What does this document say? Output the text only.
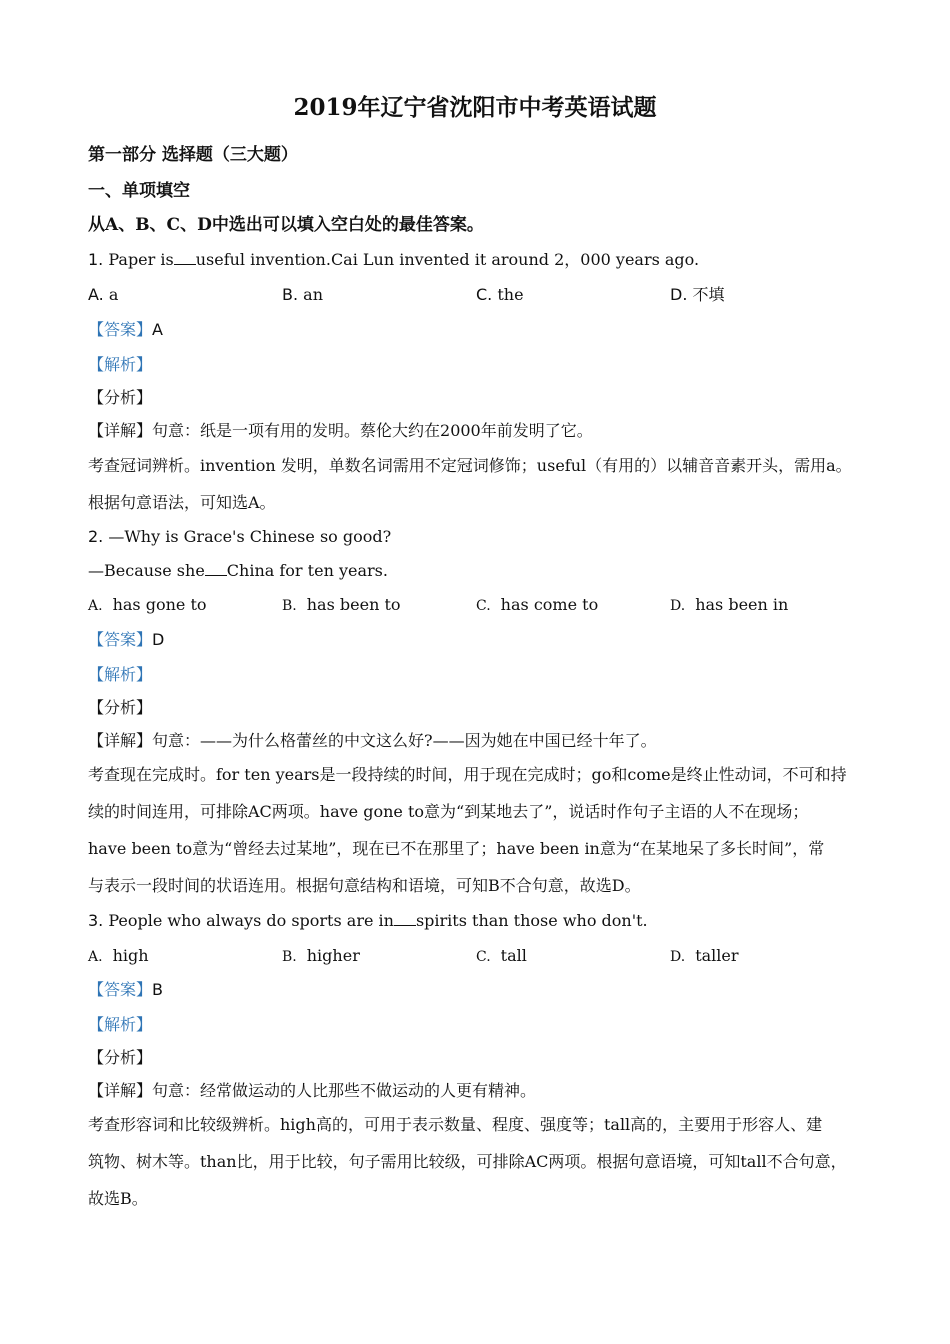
2019年辽宁省沈阳市中考英语试题
第一部分 选择题（三大题）
一、单项填空
从A、B、C、D中选出可以填入空白处的最佳答案。
1. Paper is useful invention.Cai Lun invented it around 2，000 years ago.
A. a	B. an	C. the	D. 不填
【答案】A
【解析】
【分析】
【详解】句意：纸是一项有用的发明。蔡伦大约在2000年前发明了它。
考查冠词辨析。invention 发明，单数名词需用不定冠词修饰；useful（有用的）以辅音音素开头，需用a。
根据句意语法，可知选A。
2. —Why is Grace's Chinese so good?
—Because she China for ten years.
A. has gone to	B. has been to	C. has come to	D. has been in
【答案】D
【解析】
【分析】
【详解】句意：——为什么格蕾丝的中文这么好?——因为她在中国已经十年了。
考查现在完成时。for ten years是一段持续的时间，用于现在完成时；go和come是终止性动词，不可和持
续的时间连用，可排除AC两项。have gone to意为“到某地去了”，说话时作句子主语的人不在现场；
have been to意为“曾经去过某地”，现在已不在那里了；have been in意为“在某地呆了多长时间”，常
与表示一段时间的状语连用。根据句意结构和语境，可知B不合句意，故选D。
3. People who always do sports are in spirits than those who don't.
A. high	B. higher	C. tall	D. taller
【答案】B
【解析】
【分析】
【详解】句意：经常做运动的人比那些不做运动的人更有精神。
考查形容词和比较级辨析。high高的，可用于表示数量、程度、强度等；tall高的，主要用于形容人、建
筑物、树木等。than比，用于比较，句子需用比较级，可排除AC两项。根据句意语境，可知tall不合句意，
故选B。
